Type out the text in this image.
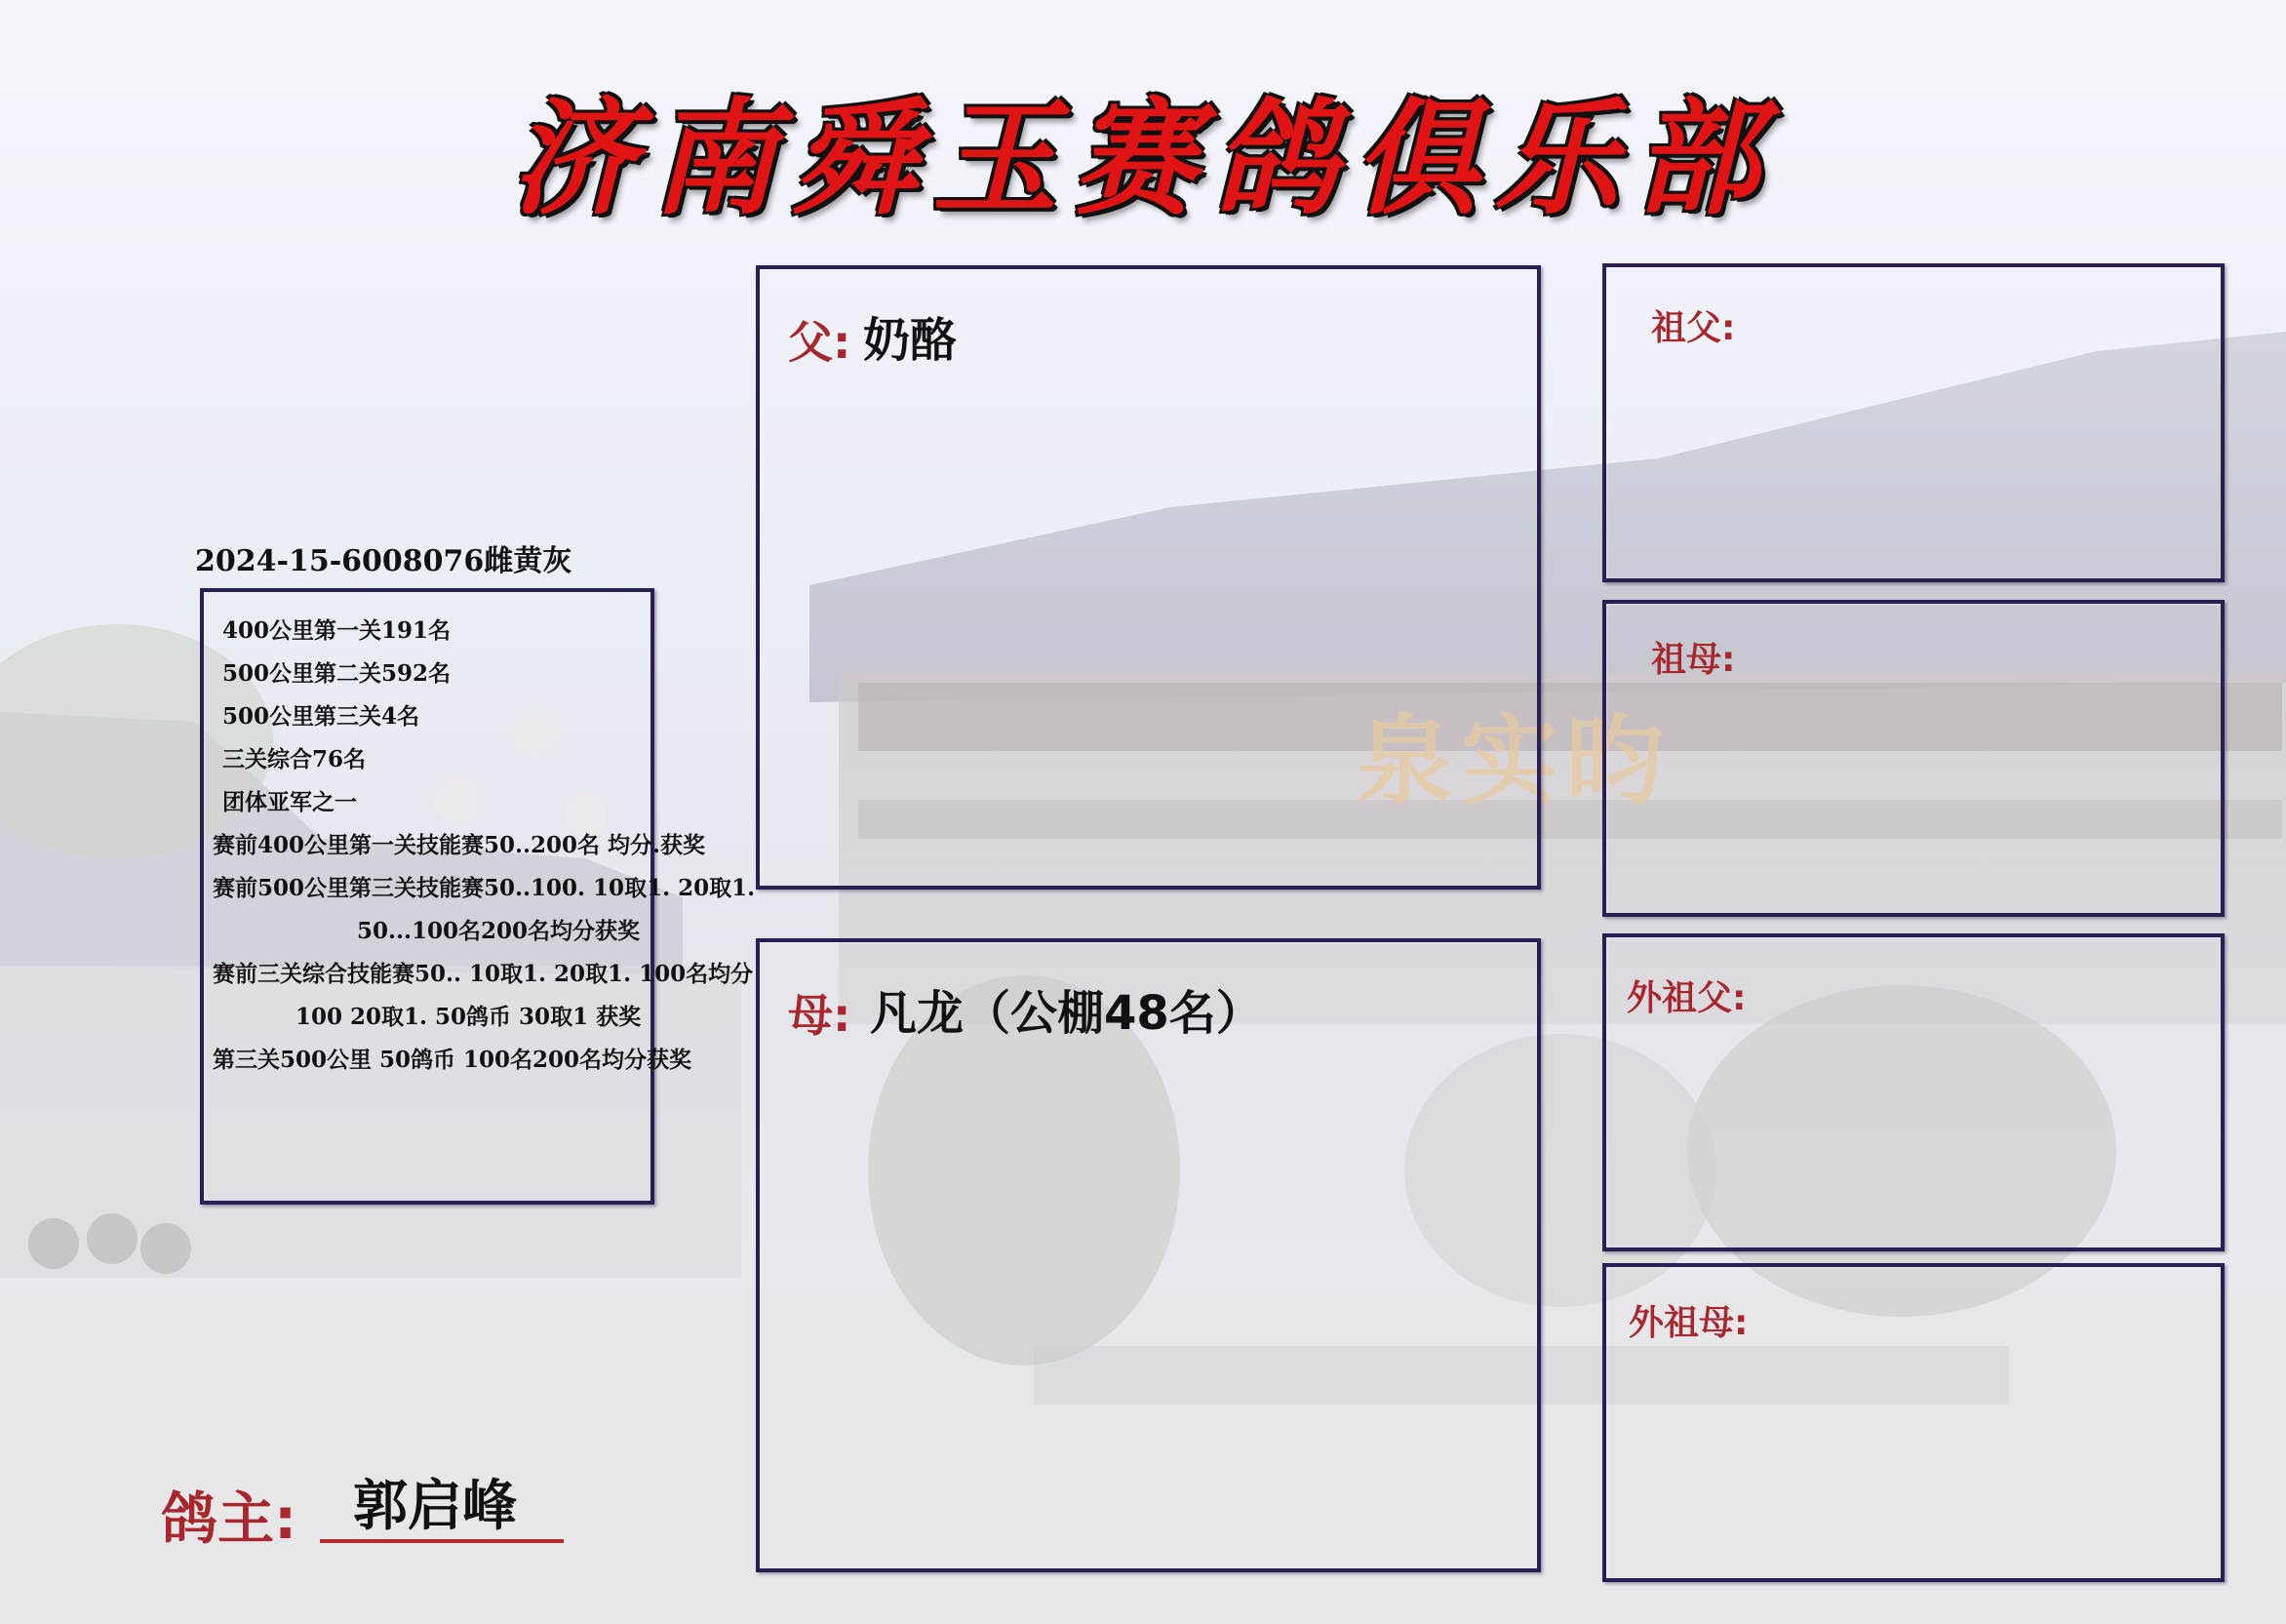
泉实昀
济南舜玉赛鸽俱乐部
2024-15-6008076雌黄灰
400公里第一关191名
500公里第二关592名
500公里第三关4名
三关综合76名
团体亚军之一
赛前400公里第一关技能赛50..200名 均分.获奖
赛前500公里第三关技能赛50..100. 10取1. 20取1.
50...100名200名均分获奖
赛前三关综合技能赛50.. 10取1. 20取1. 100名均分
100 20取1. 50鸽币 30取1 获奖
第三关500公里 50鸽币 100名200名均分获奖
鸽主: 郭启峰
父: 奶酪
母: 凡龙（公棚48名）
祖父:
祖母:
外祖父:
外祖母:
